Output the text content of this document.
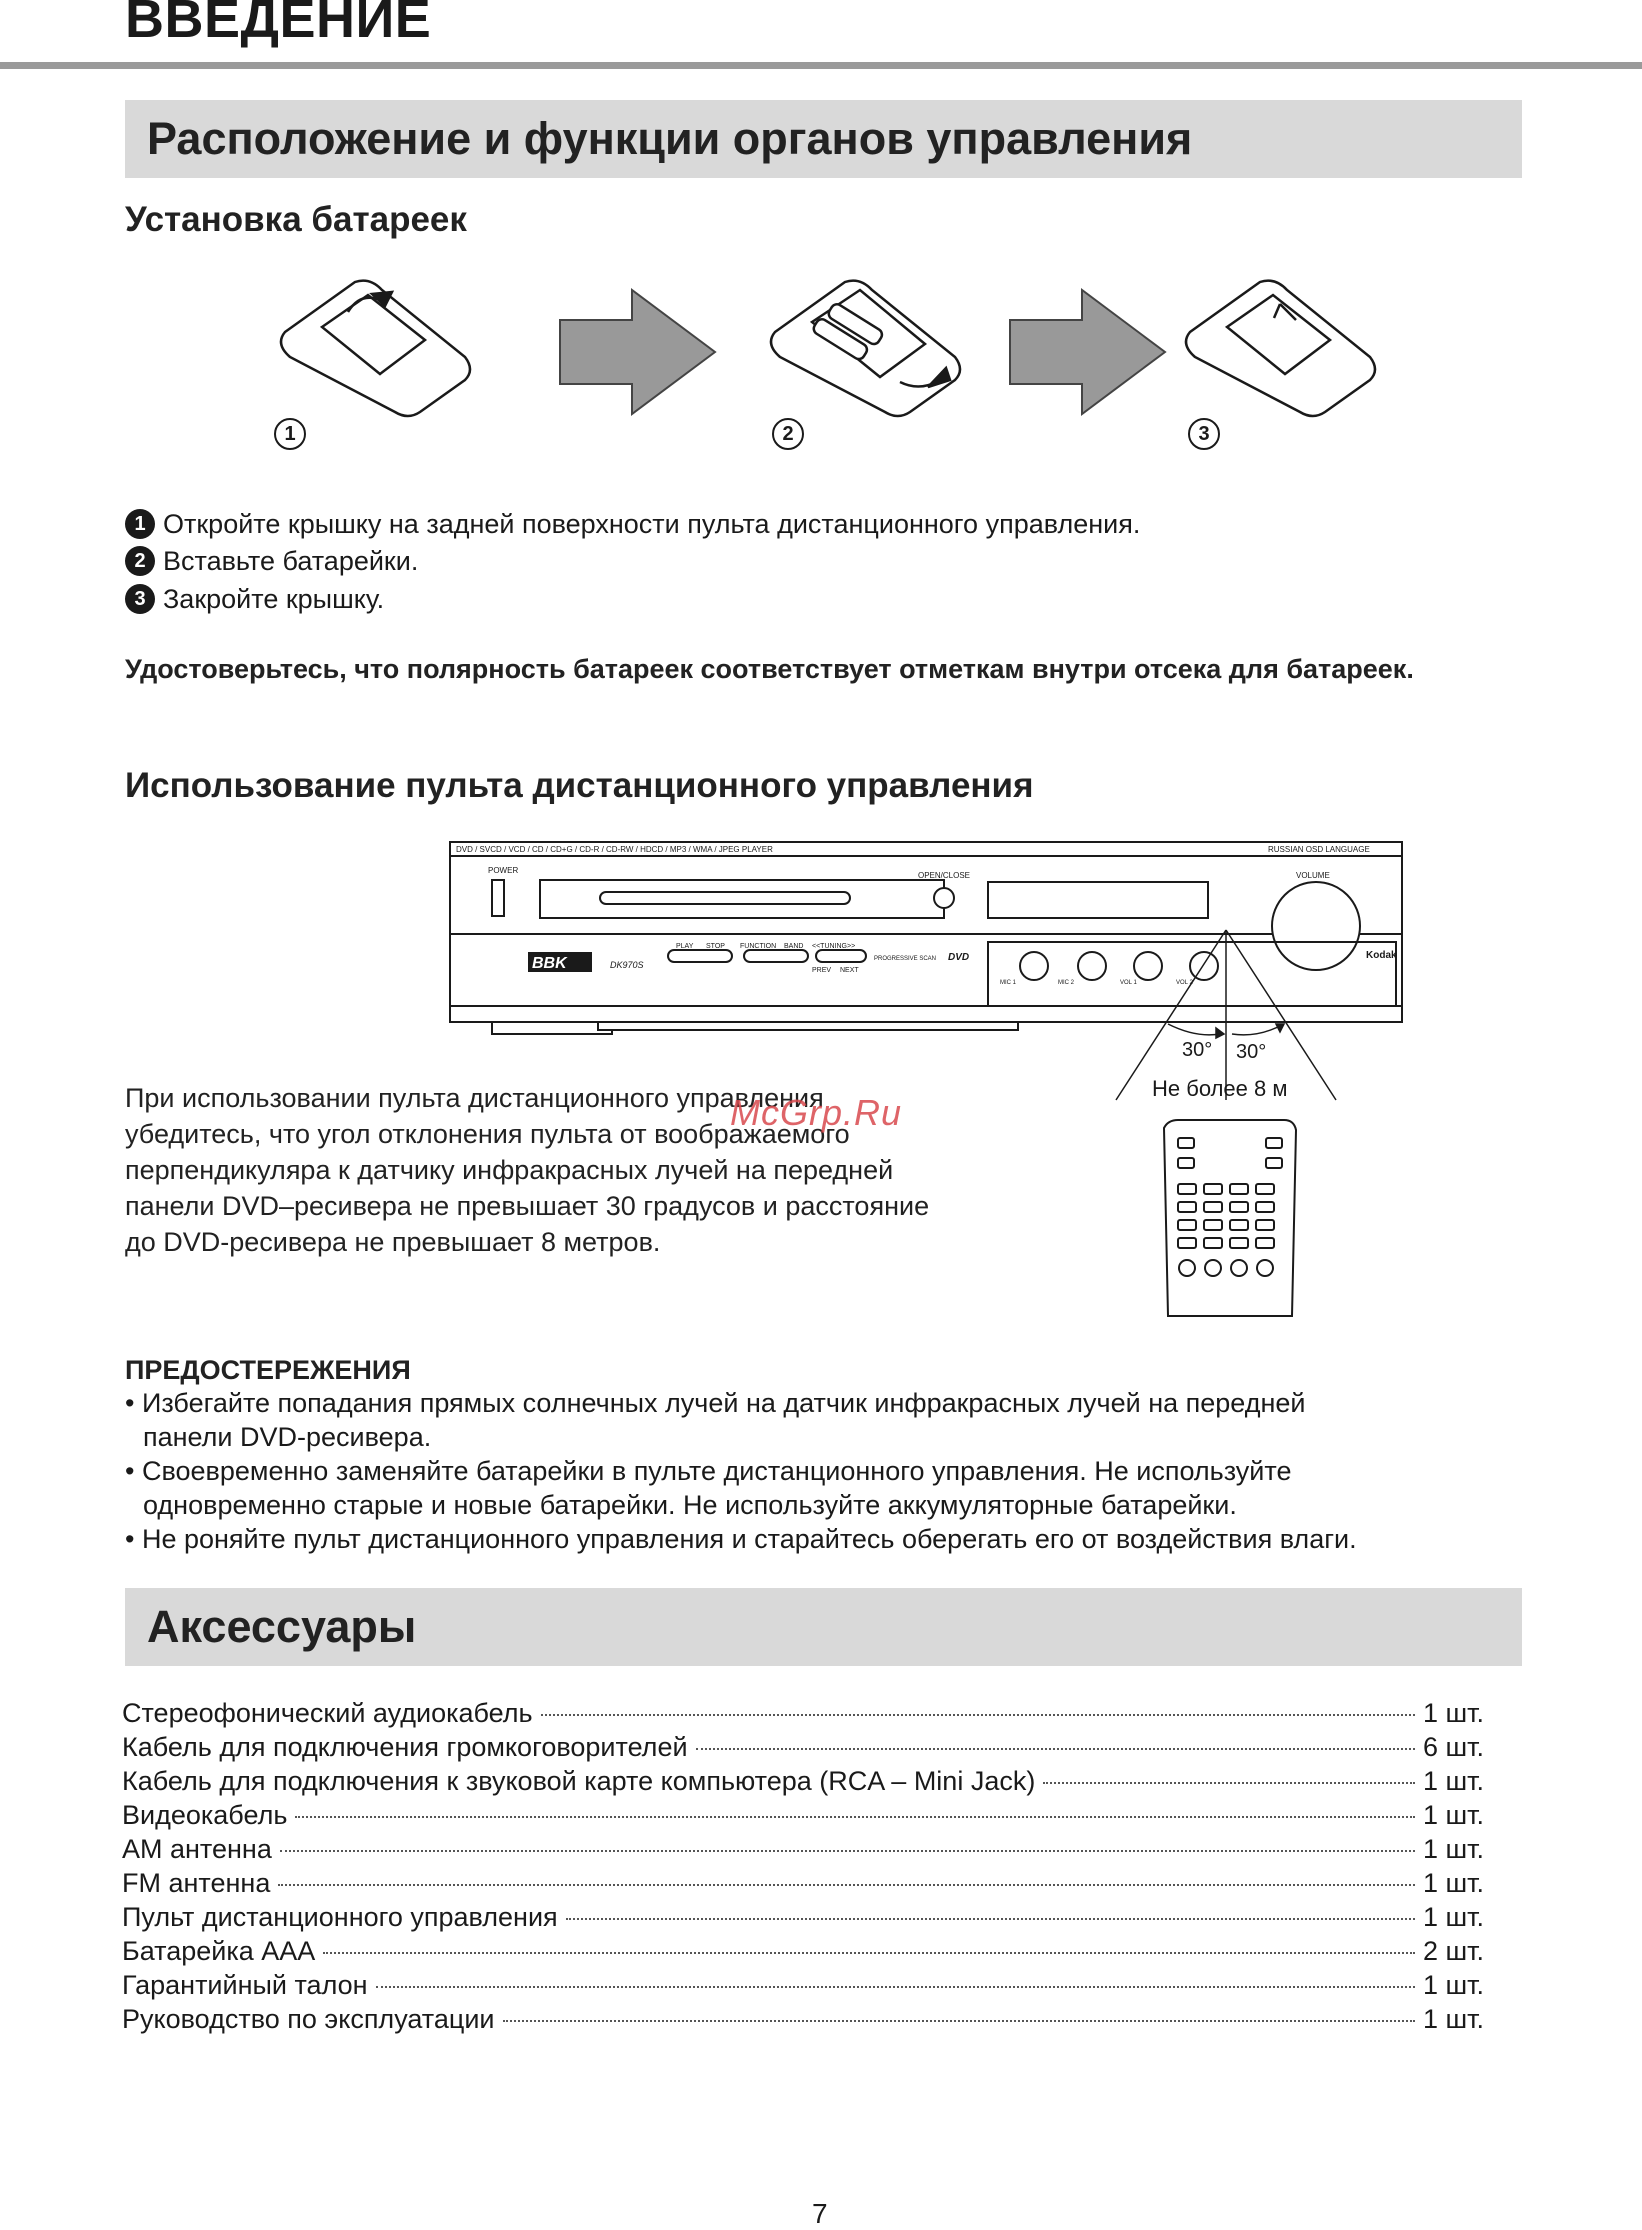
ВВЕДЕНИЕ
Расположение и функции органов управления
Установка батареек
1	2	3
1 Откройте крышку на задней поверхности пульта дистанционного управления.
2 Вставьте батарейки.
3 Закройте крышку.
Удостоверьтесь, что полярность батареек соответствует отметкам внутри отсека для батареек.
Использование пульта дистанционного управления
DVD / SVCD / VCD / CD / CD+G / CD-R / CD-RW / HDCD / MP3 / WMA / JPEG PLAYER	RUSSIAN OSD LANGUAGE
POWER
OPEN/CLOSE	VOLUME
BBK	DK970S
PLAY STOP FUNCTION BAND <<TUNING>>
PREV NEXT
PROGRESSIVE SCAN DVD
MIC 1	MIC 2	VOL 1	VOL 2
Kodak
30° 30°
Не более 8 м
При использовании пульта дистанционного управления
убедитесь, что угол отклонения пульта от воображаемого
перпендикуляра к датчику инфракрасных лучей на передней
панели DVD–ресивера не превышает 30 градусов и расстояние
до DVD-ресивера не превышает 8 метров.
McGrp.Ru
ПРЕДОСТЕРЕЖЕНИЯ
• Избегайте попадания прямых солнечных лучей на датчик инфракрасных лучей на передней
панели DVD-ресивера.
• Своевременно заменяйте батарейки в пульте дистанционного управления. Не используйте
одновременно старые и новые батарейки. Не используйте аккумуляторные батарейки.
• Не роняйте пульт дистанционного управления и старайтесь оберегать его от воздействия влаги.
Аксессуары
Стереофонический аудиокабель	1 шт.
Кабель для подключения громкоговорителей	6 шт.
Кабель для подключения к звуковой карте компьютера (RCA – Mini Jack)	1 шт.
Видеокабель	1 шт.
AM антенна	1 шт.
FM антенна	1 шт.
Пульт дистанционного управления	1 шт.
Батарейка AAA	2 шт.
Гарантийный талон	1 шт.
Руководство по эксплуатации	1 шт.
7
